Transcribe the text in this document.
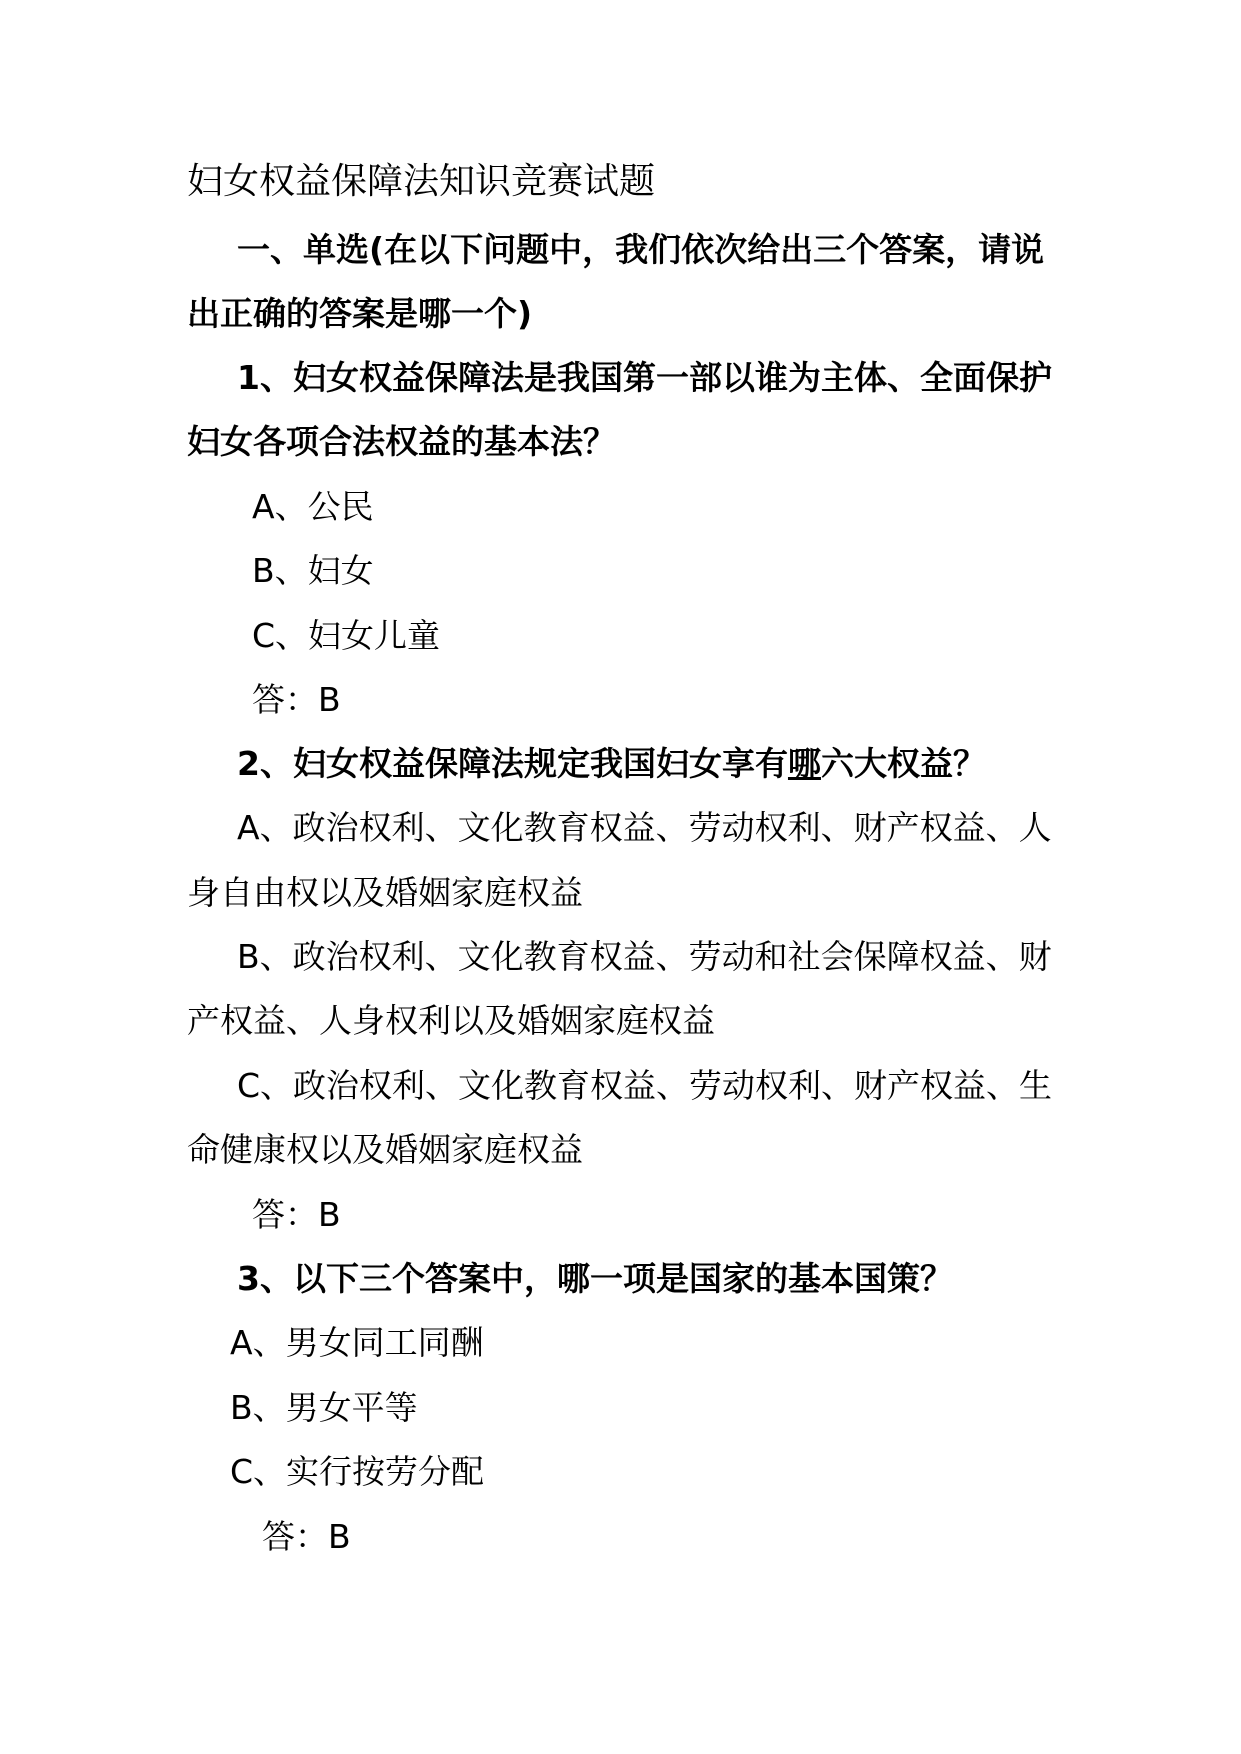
妇女权益保障法知识竞赛试题
一、单选(在以下问题中，我们依次给出三个答案，请说
出正确的答案是哪一个)
1、妇女权益保障法是我国第一部以谁为主体、全面保护
妇女各项合法权益的基本法？
A、公民
B、妇女
C、妇女儿童
答：B
2、妇女权益保障法规定我国妇女享有哪六大权益？
A、政治权利、文化教育权益、劳动权利、财产权益、人
身自由权以及婚姻家庭权益
B、政治权利、文化教育权益、劳动和社会保障权益、财
产权益、人身权利以及婚姻家庭权益
C、政治权利、文化教育权益、劳动权利、财产权益、生
命健康权以及婚姻家庭权益
答：B
3、以下三个答案中，哪一项是国家的基本国策？
A、男女同工同酬
B、男女平等
C、实行按劳分配
答：B
